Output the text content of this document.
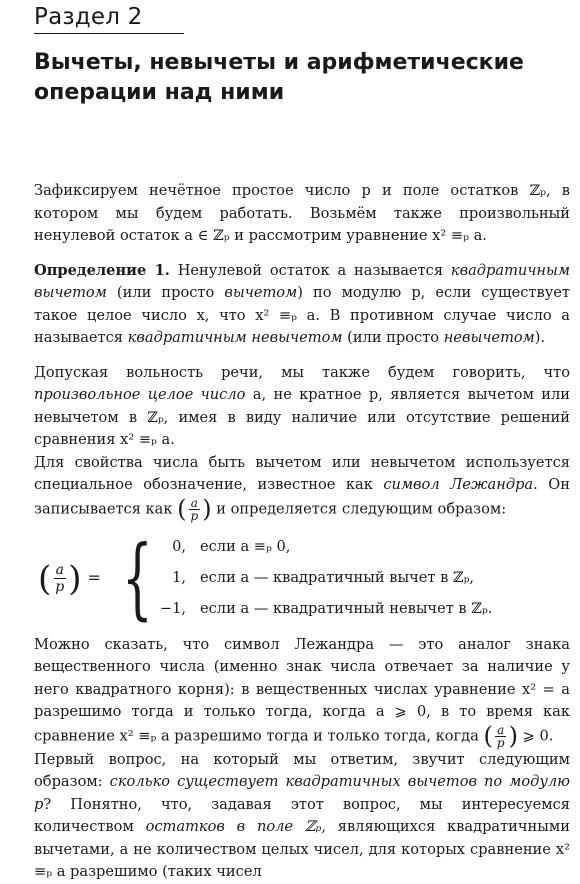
Раздел 2
Вычеты, невычеты и арифметические операции над ними

Зафиксируем нечётное простое число p и поле остатков ℤₚ, в котором мы будем работать. Возьмём также произвольный ненулевой остаток a ∈ ℤₚ и рассмотрим уравнение x² ≡ₚ a.

Определение 1. Ненулевой остаток a называется квадратичным вычетом (или просто вычетом) по модулю p, если существует такое целое число x, что x² ≡ₚ a. В противном случае число a называется квадратичным невычетом (или просто невычетом).

Допуская вольность речи, мы также будем говорить, что произвольное целое число a, не кратное p, является вычетом или невычетом в ℤₚ, имея в виду наличие или отсутствие решений сравнения x² ≡ₚ a.

Для свойства числа быть вычетом или невычетом используется специальное обозначение, известное как символ Лежандра. Он записывается как ( $\frac{a}{p}$ ) и определяется следующим образом:

( $\frac{a}{p}$ ) = {	0, если a ≡ₚ 0,
1, если a — квадратичный вычет в ℤₚ,
−1, если a — квадратичный невычет в ℤₚ.

Можно сказать, что символ Лежандра — это аналог знака вещественного числа (именно знак числа отвечает за наличие у него квадратного корня): в вещественных числах уравнение x² = a разрешимо тогда и только тогда, когда a ⩾ 0, в то время как сравнение x² ≡ₚ a разрешимо тогда и только тогда, когда ( $\frac{a}{p}$ ) ⩾ 0.

Первый вопрос, на который мы ответим, звучит следующим образом: сколько существует квадратичных вычетов по модулю p? Понятно, что, задавая этот вопрос, мы интересуемся количеством остатков в поле ℤₚ, являющихся квадратичными вычетами, а не количеством целых чисел, для которых сравнение x² ≡ₚ a разрешимо (таких чисел
